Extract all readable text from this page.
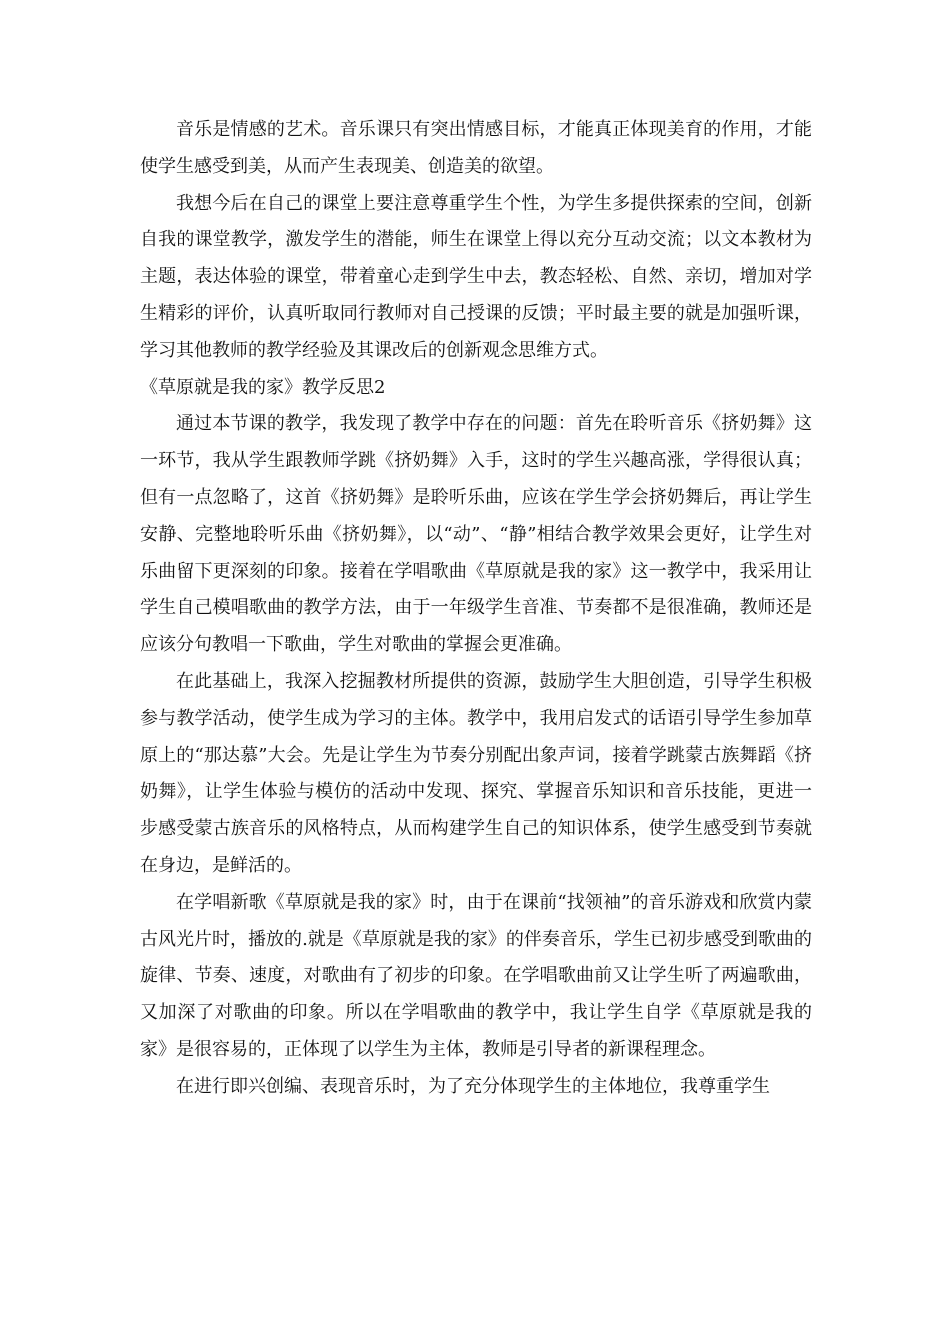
音乐是情感的艺术。音乐课只有突出情感目标，才能真正体现美育的作用，才能使学生感受到美，从而产生表现美、创造美的欲望。

我想今后在自己的课堂上要注意尊重学生个性，为学生多提供探索的空间，创新自我的课堂教学，激发学生的潜能，师生在课堂上得以充分互动交流；以文本教材为主题，表达体验的课堂，带着童心走到学生中去，教态轻松、自然、亲切，增加对学生精彩的评价，认真听取同行教师对自己授课的反馈；平时最主要的就是加强听课，学习其他教师的教学经验及其课改后的创新观念思维方式。

《草原就是我的家》教学反思2

通过本节课的教学，我发现了教学中存在的问题：首先在聆听音乐《挤奶舞》这一环节，我从学生跟教师学跳《挤奶舞》入手，这时的学生兴趣高涨，学得很认真；但有一点忽略了，这首《挤奶舞》是聆听乐曲，应该在学生学会挤奶舞后，再让学生安静、完整地聆听乐曲《挤奶舞》，以“动”、“静”相结合教学效果会更好，让学生对乐曲留下更深刻的印象。接着在学唱歌曲《草原就是我的家》这一教学中，我采用让学生自己模唱歌曲的教学方法，由于一年级学生音准、节奏都不是很准确，教师还是应该分句教唱一下歌曲，学生对歌曲的掌握会更准确。

在此基础上，我深入挖掘教材所提供的资源，鼓励学生大胆创造，引导学生积极参与教学活动，使学生成为学习的主体。教学中，我用启发式的话语引导学生参加草原上的“那达慕”大会。先是让学生为节奏分别配出象声词，接着学跳蒙古族舞蹈《挤奶舞》，让学生体验与模仿的活动中发现、探究、掌握音乐知识和音乐技能，更进一步感受蒙古族音乐的风格特点，从而构建学生自己的知识体系，使学生感受到节奏就在身边，是鲜活的。

在学唱新歌《草原就是我的家》时，由于在课前“找领袖”的音乐游戏和欣赏内蒙古风光片时，播放的.就是《草原就是我的家》的伴奏音乐，学生已初步感受到歌曲的旋律、节奏、速度，对歌曲有了初步的印象。在学唱歌曲前又让学生听了两遍歌曲，又加深了对歌曲的印象。所以在学唱歌曲的教学中，我让学生自学《草原就是我的家》是很容易的，正体现了以学生为主体，教师是引导者的新课程理念。

在进行即兴创编、表现音乐时，为了充分体现学生的主体地位，我尊重学生
